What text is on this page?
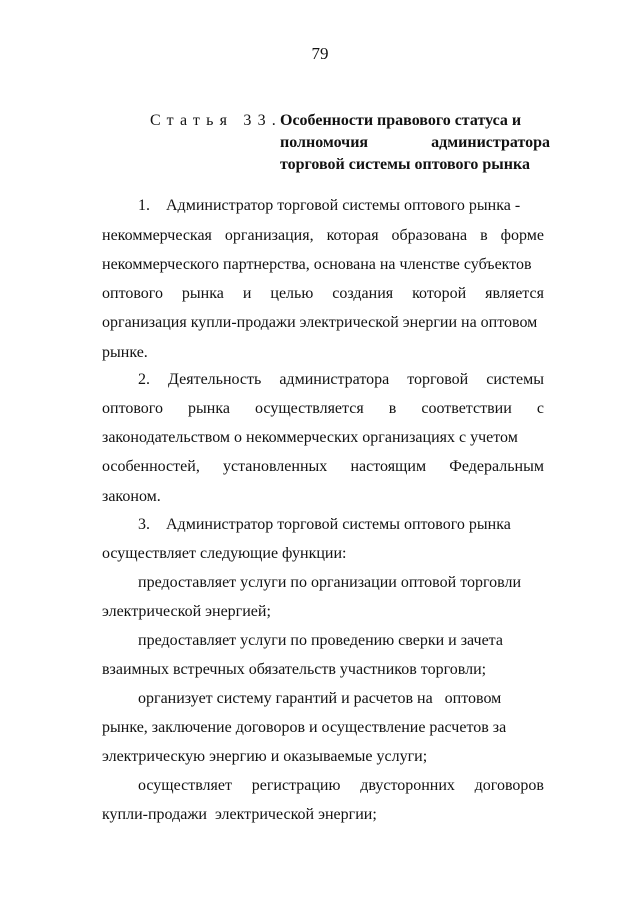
79
Статья 33.
Особенности правового статуса и
полномочия	администратора
торговой системы оптового рынка
1.    Администратор торговой системы оптового рынка -
некоммерческая организация, которая образована в форме
некоммерческого партнерства, основана на членстве субъектов
оптового рынка и целью создания которой является
организация купли-продажи электрической энергии на оптовом
рынке.
2. Деятельность администратора торговой системы
оптового рынка осуществляется в соответствии с
законодательством о некоммерческих организациях с учетом
особенностей, установленных настоящим Федеральным
законом.
3.    Администратор торговой системы оптового рынка
осуществляет следующие функции:
предоставляет услуги по организации оптовой торговли
электрической энергией;
предоставляет услуги по проведению сверки и зачета
взаимных встречных обязательств участников торговли;
организует систему гарантий и расчетов на   оптовом
рынке, заключение договоров и осуществление расчетов за
электрическую энергию и оказываемые услуги;
осуществляет регистрацию двусторонних договоров
купли-продажи  электрической энергии;
